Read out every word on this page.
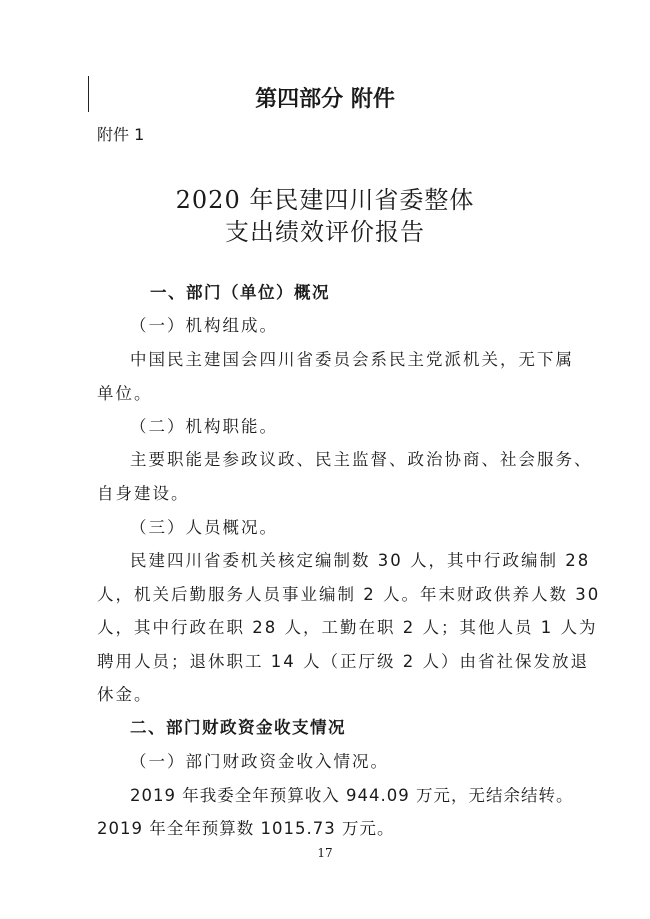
第四部分 附件
附件 1
2020 年民建四川省委整体
支出绩效评价报告
一、部门（单位）概况
（一）机构组成。
中国民主建国会四川省委员会系民主党派机关，无下属
单位。
（二）机构职能。
主要职能是参政议政、民主监督、政治协商、社会服务、
自身建设。
（三）人员概况。
民建四川省委机关核定编制数 30 人，其中行政编制 28
人，机关后勤服务人员事业编制 2 人。年末财政供养人数 30
人，其中行政在职 28 人，工勤在职 2 人；其他人员 1 人为
聘用人员；退休职工 14 人（正厅级 2 人）由省社保发放退
休金。
二、部门财政资金收支情况
（一）部门财政资金收入情况。
2019 年我委全年预算收入 944.09 万元，无结余结转。
2019 年全年预算数 1015.73 万元。
17
